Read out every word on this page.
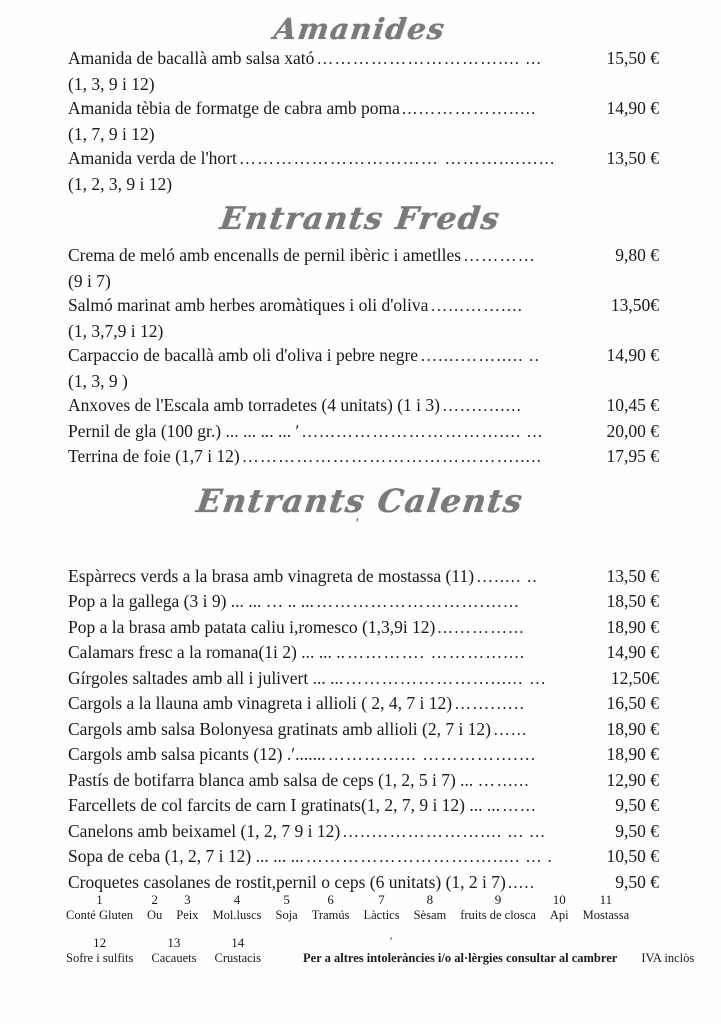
Amanides
Amanida de bacallà amb salsa xató ………………………….... ...	15,50 €
(1, 3, 9 i 12)
Amanida tèbia de formatge de cabra amb poma ...…………….....	14,90 €
(1, 7, 9 i 12)
Amanida verda de l'hort …………………………… ………....…...	13,50 €
(1, 2, 3, 9 i 12)
Entrants Freds
Crema de meló amb encenalls de pernil ibèric i ametlles …………	9,80 €
(9 i 7)
Salmó marinat amb herbes aromàtiques i oli d'oliva …...……....	13,50€
(1, 3,7,9 i 12)
Carpaccio de bacallà amb oli d'oliva i pebre negre …....……..... ..	14,90 €
(1, 3, 9 )
Anxoves de l'Escala amb torradetes (4 unitats) (1 i 3) …..…......	10,45 €
Pernil de gla (100 gr.) ... ... ... ... ʹ …...……………………….... ...	20,00 €
Terrina de foie (1,7 i 12) ……………………………………….....	17,95 €
Entrants Calents
ʹ
Espàrrecs verds a la brasa amb vinagreta de mostassa (11) …..... ..	13,50 €
Pop a la gallega (3 i 9) ... ... … .. ... ……………………….…...	18,50 €
Pop a la brasa amb patata caliu i,romesco (1,3,9i 12) ...………...	18,90 €
Calamars fresc a la romana(1i 2) ... ... .. …………. …………....	14,90 €
Gírgoles saltades amb all i julivert ... ... ……………………...... …	12,50€
Cargols a la llauna amb vinagreta i allioli ( 2, 4, 7 i 12) …….…..	16,50 €
Cargols amb salsa Bolonyesa gratinats amb allioli (2, 7 i 12) …...	18,90 €
Cargols amb salsa picants (12) .ʹ....... …………... …………….…	18,90 €
Pastís de botifarra blanca amb salsa de ceps (1, 2, 5 i 7) ... … ......	12,90 €
Farcellets de col farcits de carn I gratinats(1, 2, 7, 9 i 12) ... ... …...	9,50 €
Canelons amb beixamel (1, 2, 7 9 i 12) …..……………….... ... ...	9,50 €
Sopa de ceba (1, 2, 7 i 12) ... ... ... ……………………….…..... ... .	10,50 €
Croquetes casolanes de rostit,pernil o ceps (6 unitats) (1, 2 i 7) .....	9,50 €
1
Conté Gluten
2
Ou
3
Peix
4
Mol.luscs
5
Soja
6
Tramús
7
Làctics
8
Sèsam
9
fruits de closca
10
Api
11
Mostassa
12
Sofre i sulfits
13
Cacauets
14
Crustacis
ʹ
Per a altres intoleràncies i/o al·lèrgies consultar al cambrer IVA inclòs
